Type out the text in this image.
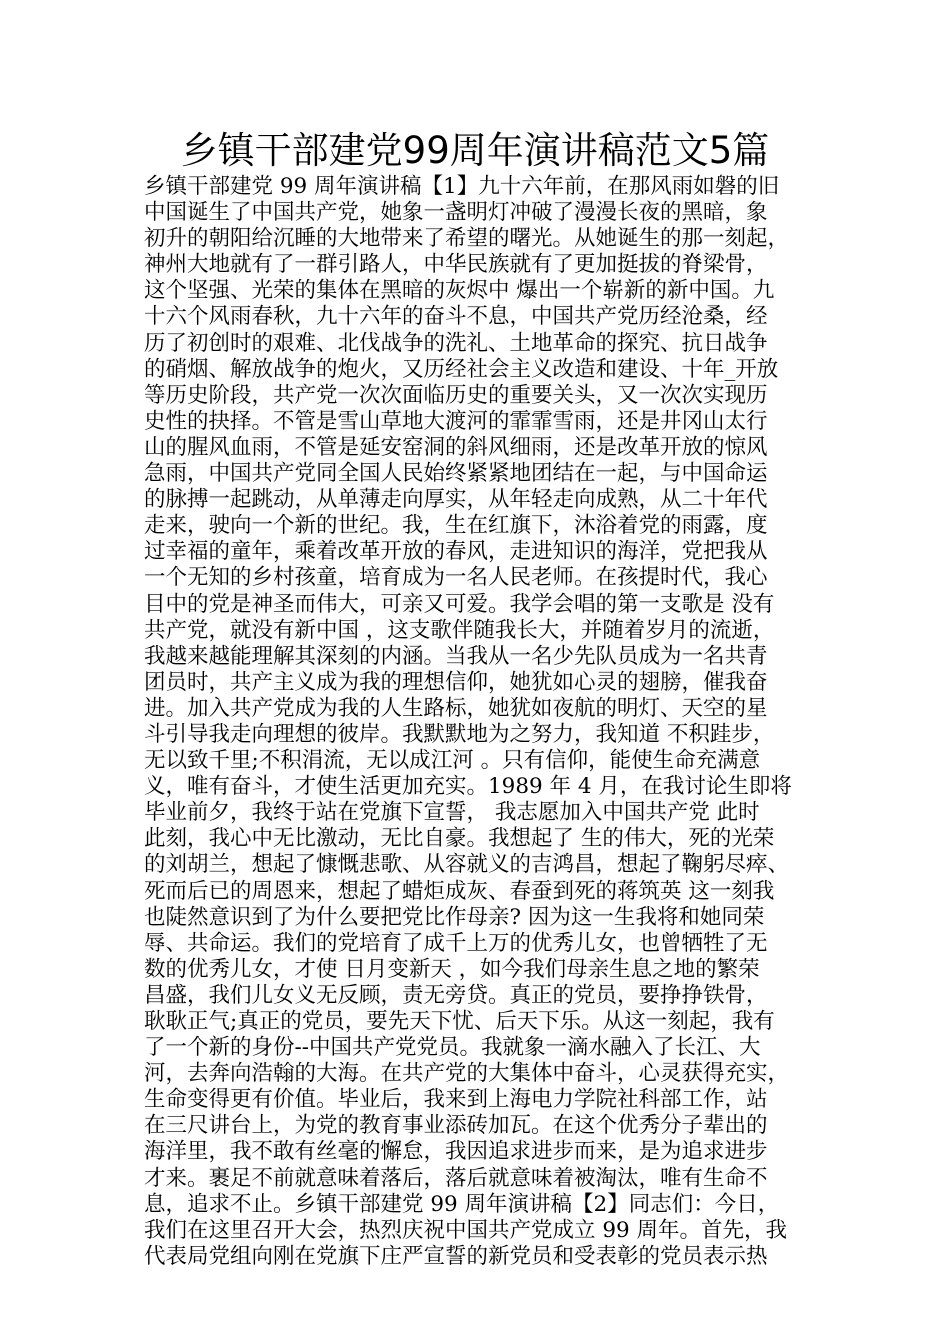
乡镇干部建党99周年演讲稿范文5篇
乡镇干部建党 99 周年演讲稿【1】九十六年前，在那风雨如磐的旧
中国诞生了中国共产党，她象一盏明灯冲破了漫漫长夜的黑暗，象
初升的朝阳给沉睡的大地带来了希望的曙光。从她诞生的那一刻起，
神州大地就有了一群引路人，中华民族就有了更加挺拔的脊梁骨，
这个坚强、光荣的集体在黑暗的灰烬中 爆出一个崭新的新中国。九
十六个风雨春秋，九十六年的奋斗不息，中国共产党历经沧桑，经
历了初创时的艰难、北伐战争的洗礼、土地革命的探究、抗日战争
的硝烟、解放战争的炮火，又历经社会主义改造和建设、十年_开放
等历史阶段，共产党一次次面临历史的重要关头，又一次次实现历
史性的抉择。不管是雪山草地大渡河的霏霏雪雨，还是井冈山太行
山的腥风血雨，不管是延安窑洞的斜风细雨，还是改革开放的惊风
急雨，中国共产党同全国人民始终紧紧地团结在一起，与中国命运
的脉搏一起跳动，从单薄走向厚实，从年轻走向成熟，从二十年代
走来，驶向一个新的世纪。我，生在红旗下，沐浴着党的雨露，度
过幸福的童年，乘着改革开放的春风，走进知识的海洋，党把我从
一个无知的乡村孩童，培育成为一名人民老师。在孩提时代，我心
目中的党是神圣而伟大，可亲又可爱。我学会唱的第一支歌是 没有
共产党，就没有新中国 ，这支歌伴随我长大，并随着岁月的流逝，
我越来越能理解其深刻的内涵。当我从一名少先队员成为一名共青
团员时，共产主义成为我的理想信仰，她犹如心灵的翅膀，催我奋
进。加入共产党成为我的人生路标，她犹如夜航的明灯、天空的星
斗引导我走向理想的彼岸。我默默地为之努力，我知道 不积跬步，
无以致千里;不积涓流，无以成江河 。只有信仰，能使生命充满意
义，唯有奋斗，才使生活更加充实。1989 年 4 月，在我讨论生即将
毕业前夕，我终于站在党旗下宣誓， 我志愿加入中国共产党 此时
此刻，我心中无比激动，无比自豪。我想起了 生的伟大，死的光荣
的刘胡兰，想起了慷慨悲歌、从容就义的吉鸿昌，想起了鞠躬尽瘁、
死而后已的周恩来，想起了蜡炬成灰、春蚕到死的蒋筑英 这一刻我
也陡然意识到了为什么要把党比作母亲? 因为这一生我将和她同荣
辱、共命运。我们的党培育了成千上万的优秀儿女，也曾牺牲了无
数的优秀儿女，才使 日月变新天 ，如今我们母亲生息之地的繁荣
昌盛，我们儿女义无反顾，责无旁贷。真正的党员，要挣挣铁骨，
耿耿正气;真正的党员，要先天下忧、后天下乐。从这一刻起，我有
了一个新的身份--中国共产党党员。我就象一滴水融入了长江、大
河，去奔向浩翰的大海。在共产党的大集体中奋斗，心灵获得充实，
生命变得更有价值。毕业后，我来到上海电力学院社科部工作，站
在三尺讲台上，为党的教育事业添砖加瓦。在这个优秀分子辈出的
海洋里，我不敢有丝毫的懈怠，我因追求进步而来，是为追求进步
才来。裹足不前就意味着落后，落后就意味着被淘汰，唯有生命不
息，追求不止。乡镇干部建党 99 周年演讲稿【2】同志们：今日，
我们在这里召开大会，热烈庆祝中国共产党成立 99 周年。首先，我
代表局党组向刚在党旗下庄严宣誓的新党员和受表彰的党员表示热
